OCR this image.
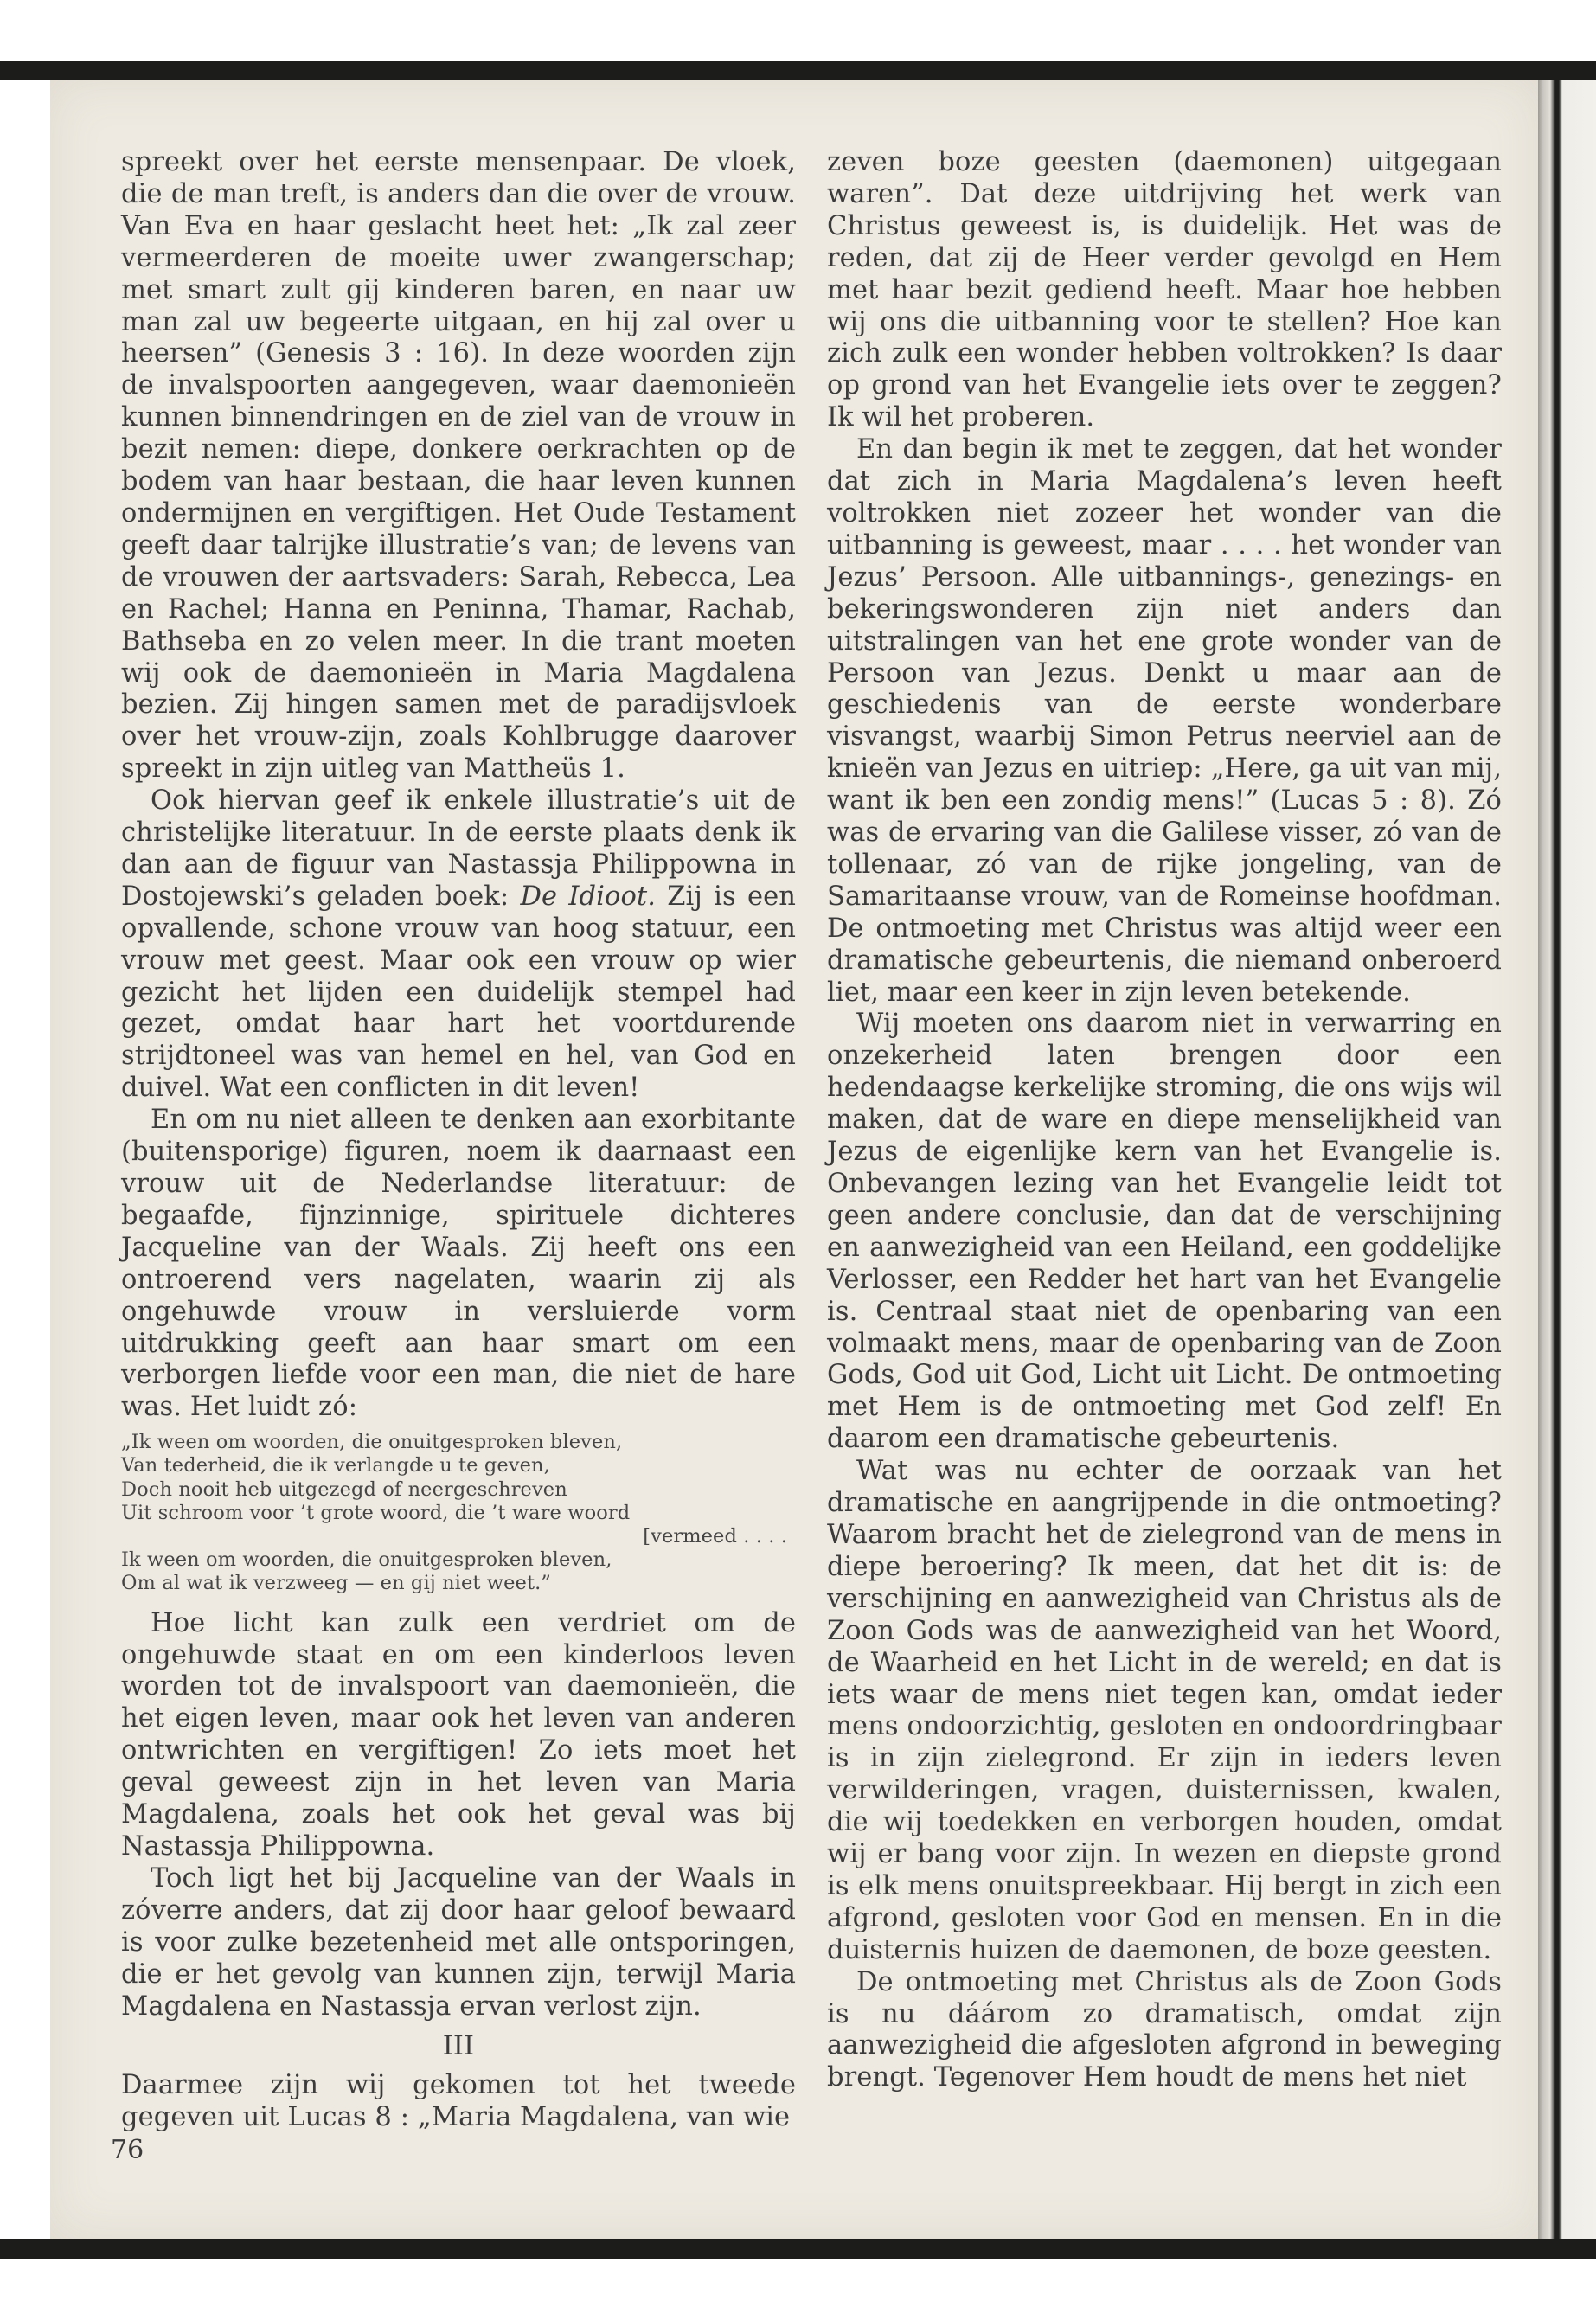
spreekt over het eerste mensenpaar. De vloek, die de man treft, is anders dan die over de vrouw. Van Eva en haar geslacht heet het: „Ik zal zeer vermeerderen de moeite uwer zwangerschap; met smart zult gij kinderen baren, en naar uw man zal uw begeerte uitgaan, en hij zal over u heersen” (Genesis 3 : 16). In deze woorden zijn de invalspoorten aangegeven, waar daemonieën kunnen binnendringen en de ziel van de vrouw in bezit nemen: diepe, donkere oerkrachten op de bodem van haar bestaan, die haar leven kunnen ondermijnen en vergiftigen. Het Oude Testament geeft daar talrijke illustratie’s van; de levens van de vrouwen der aartsvaders: Sarah, Rebecca, Lea en Rachel; Hanna en Peninna, Thamar, Rachab, Bathseba en zo velen meer. In die trant moeten wij ook de daemonieën in Maria Magdalena bezien. Zij hingen samen met de paradijsvloek over het vrouw-zijn, zoals Kohlbrugge daarover spreekt in zijn uitleg van Mattheüs 1.

Ook hiervan geef ik enkele illustratie’s uit de christelijke literatuur. In de eerste plaats denk ik dan aan de figuur van Nastassja Philippowna in Dostojewski’s geladen boek: De Idioot. Zij is een opvallende, schone vrouw van hoog statuur, een vrouw met geest. Maar ook een vrouw op wier gezicht het lijden een duidelijk stempel had gezet, omdat haar hart het voortdurende strijdtoneel was van hemel en hel, van God en duivel. Wat een conflicten in dit leven!

En om nu niet alleen te denken aan exorbitante (buitensporige) figuren, noem ik daarnaast een vrouw uit de Nederlandse literatuur: de begaafde, fijnzinnige, spirituele dichteres Jacqueline van der Waals. Zij heeft ons een ontroerend vers nagelaten, waarin zij als ongehuwde vrouw in versluierde vorm uitdrukking geeft aan haar smart om een verborgen liefde voor een man, die niet de hare was. Het luidt zó:

„Ik ween om woorden, die onuitgesproken bleven,
Van tederheid, die ik verlangde u te geven,
Doch nooit heb uitgezegd of neergeschreven
Uit schroom voor ’t grote woord, die ’t ware woord
[vermeed . . . .
Ik ween om woorden, die onuitgesproken bleven,
Om al wat ik verzweeg — en gij niet weet.”

Hoe licht kan zulk een verdriet om de ongehuwde staat en om een kinderloos leven worden tot de invalspoort van daemonieën, die het eigen leven, maar ook het leven van anderen ontwrichten en vergiftigen! Zo iets moet het geval geweest zijn in het leven van Maria Magdalena, zoals het ook het geval was bij Nastassja Philippowna.

Toch ligt het bij Jacqueline van der Waals in zóverre anders, dat zij door haar geloof bewaard is voor zulke bezetenheid met alle ontsporingen, die er het gevolg van kunnen zijn, terwijl Maria Magdalena en Nastassja ervan verlost zijn.

III

Daarmee zijn wij gekomen tot het tweede gegeven uit Lucas 8 : „Maria Magdalena, van wie

zeven boze geesten (daemonen) uitgegaan waren”. Dat deze uitdrijving het werk van Christus geweest is, is duidelijk. Het was de reden, dat zij de Heer verder gevolgd en Hem met haar bezit gediend heeft. Maar hoe hebben wij ons die uitbanning voor te stellen? Hoe kan zich zulk een wonder hebben voltrokken? Is daar op grond van het Evangelie iets over te zeggen? Ik wil het proberen.

En dan begin ik met te zeggen, dat het wonder dat zich in Maria Magdalena’s leven heeft voltrokken niet zozeer het wonder van die uitbanning is geweest, maar . . . . het wonder van Jezus’ Persoon. Alle uitbannings-, genezings- en bekeringswonderen zijn niet anders dan uitstralingen van het ene grote wonder van de Persoon van Jezus. Denkt u maar aan de geschiedenis van de eerste wonderbare visvangst, waarbij Simon Petrus neerviel aan de knieën van Jezus en uitriep: „Here, ga uit van mij, want ik ben een zondig mens!” (Lucas 5 : 8). Zó was de ervaring van die Galilese visser, zó van de tollenaar, zó van de rijke jongeling, van de Samaritaanse vrouw, van de Romeinse hoofdman. De ontmoeting met Christus was altijd weer een dramatische gebeurtenis, die niemand onberoerd liet, maar een keer in zijn leven betekende.

Wij moeten ons daarom niet in verwarring en onzekerheid laten brengen door een hedendaagse kerkelijke stroming, die ons wijs wil maken, dat de ware en diepe menselijkheid van Jezus de eigenlijke kern van het Evangelie is. Onbevangen lezing van het Evangelie leidt tot geen andere conclusie, dan dat de verschijning en aanwezigheid van een Heiland, een goddelijke Verlosser, een Redder het hart van het Evangelie is. Centraal staat niet de openbaring van een volmaakt mens, maar de openbaring van de Zoon Gods, God uit God, Licht uit Licht. De ontmoeting met Hem is de ontmoeting met God zelf! En daarom een dramatische gebeurtenis.

Wat was nu echter de oorzaak van het dramatische en aangrijpende in die ontmoeting? Waarom bracht het de zielegrond van de mens in diepe beroering? Ik meen, dat het dit is: de verschijning en aanwezigheid van Christus als de Zoon Gods was de aanwezigheid van het Woord, de Waarheid en het Licht in de wereld; en dat is iets waar de mens niet tegen kan, omdat ieder mens ondoorzichtig, gesloten en ondoordringbaar is in zijn zielegrond. Er zijn in ieders leven verwilderingen, vragen, duisternissen, kwalen, die wij toedekken en verborgen houden, omdat wij er bang voor zijn. In wezen en diepste grond is elk mens onuitspreekbaar. Hij bergt in zich een afgrond, gesloten voor God en mensen. En in die duisternis huizen de daemonen, de boze geesten.

De ontmoeting met Christus als de Zoon Gods is nu dáárom zo dramatisch, omdat zijn aanwezigheid die afgesloten afgrond in beweging brengt. Tegenover Hem houdt de mens het niet

76
